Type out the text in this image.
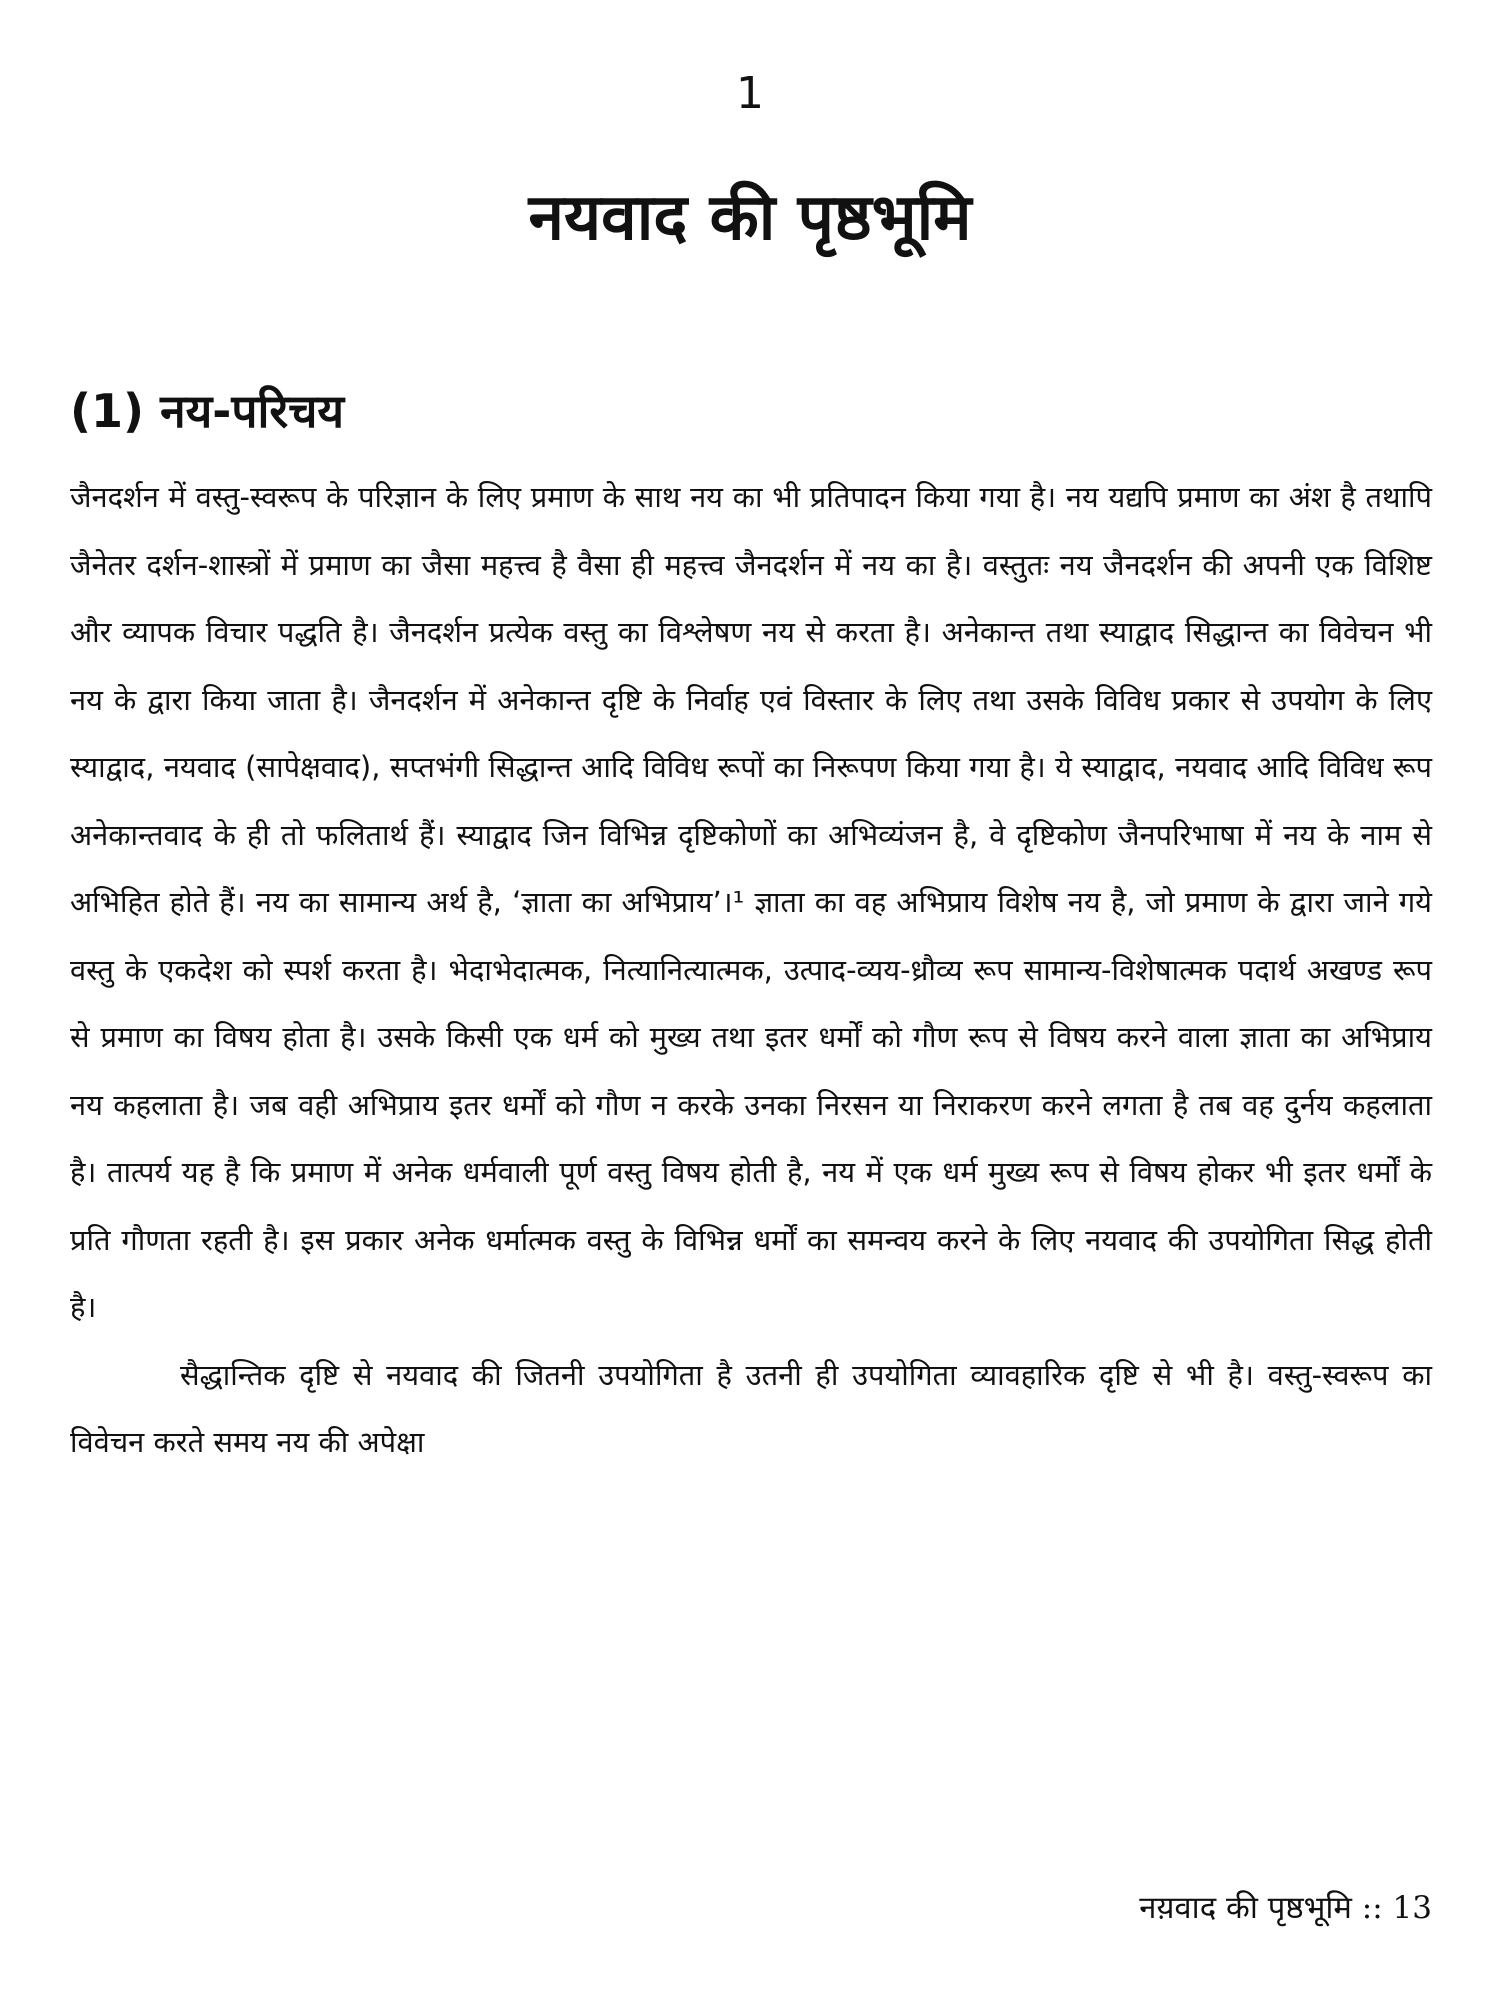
1
नयवाद की पृष्ठभूमि
(1) नय-परिचय

जैनदर्शन में वस्तु-स्वरूप के परिज्ञान के लिए प्रमाण के साथ नय का भी प्रतिपादन किया गया है। नय यद्यपि प्रमाण का अंश है तथापि जैनेतर दर्शन-शास्त्रों में प्रमाण का जैसा महत्त्व है वैसा ही महत्त्व जैनदर्शन में नय का है। वस्तुतः नय जैनदर्शन की अपनी एक विशिष्ट और व्यापक विचार पद्धति है। जैनदर्शन प्रत्येक वस्तु का विश्लेषण नय से करता है। अनेकान्त तथा स्याद्वाद सिद्धान्त का विवेचन भी नय के द्वारा किया जाता है। जैनदर्शन में अनेकान्त दृष्टि के निर्वाह एवं विस्तार के लिए तथा उसके विविध प्रकार से उपयोग के लिए स्याद्वाद, नयवाद (सापेक्षवाद), सप्तभंगी सिद्धान्त आदि विविध रूपों का निरूपण किया गया है। ये स्याद्वाद, नयवाद आदि विविध रूप अनेकान्तवाद के ही तो फलितार्थ हैं। स्याद्वाद जिन विभिन्न दृष्टिकोणों का अभिव्यंजन है, वे दृष्टिकोण जैनपरिभाषा में नय के नाम से अभिहित होते हैं। नय का सामान्य अर्थ है, ‘ज्ञाता का अभिप्राय’।¹ ज्ञाता का वह अभिप्राय विशेष नय है, जो प्रमाण के द्वारा जाने गये वस्तु के एकदेश को स्पर्श करता है। भेदाभेदात्मक, नित्यानित्यात्मक, उत्पाद-व्यय-ध्रौव्य रूप सामान्य-विशेषात्मक पदार्थ अखण्ड रूप से प्रमाण का विषय होता है। उसके किसी एक धर्म को मुख्य तथा इतर धर्मों को गौण रूप से विषय करने वाला ज्ञाता का अभिप्राय नय कहलाता है। जब वही अभिप्राय इतर धर्मों को गौण न करके उनका निरसन या निराकरण करने लगता है तब वह दुर्नय कहलाता है। तात्पर्य यह है कि प्रमाण में अनेक धर्मवाली पूर्ण वस्तु विषय होती है, नय में एक धर्म मुख्य रूप से विषय होकर भी इतर धर्मों के प्रति गौणता रहती है। इस प्रकार अनेक धर्मात्मक वस्तु के विभिन्न धर्मों का समन्वय करने के लिए नयवाद की उपयोगिता सिद्ध होती है।

सैद्धान्तिक दृष्टि से नयवाद की जितनी उपयोगिता है उतनी ही उपयोगिता व्यावहारिक दृष्टि से भी है। वस्तु-स्वरूप का विवेचन करते समय नय की अपेक्षा

नय़वाद की पृष्ठभूमि :: 13
